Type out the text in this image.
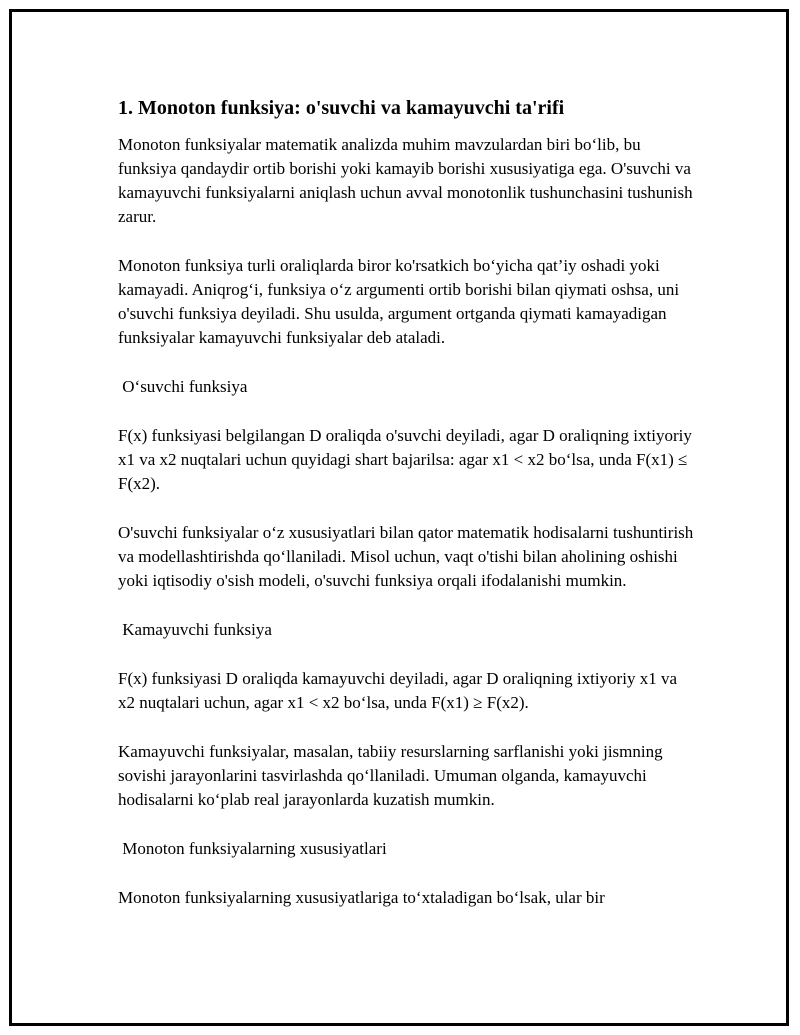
1. Monoton funksiya: o'suvchi va kamayuvchi ta'rifi

Monoton funksiyalar matematik analizda muhim mavzulardan biri bo‘lib, bu funksiya qandaydir ortib borishi yoki kamayib borishi xususiyatiga ega. O'suvchi va kamayuvchi funksiyalarni aniqlash uchun avval monotonlik tushunchasini tushunish zarur.

Monoton funksiya turli oraliqlarda biror ko'rsatkich bo‘yicha qat’iy oshadi yoki kamayadi. Aniqrog‘i, funksiya o‘z argumenti ortib borishi bilan qiymati oshsa, uni o'suvchi funksiya deyiladi. Shu usulda, argument ortganda qiymati kamayadigan funksiyalar kamayuvchi funksiyalar deb ataladi.

O‘suvchi funksiya

F(x) funksiyasi belgilangan D oraliqda o'suvchi deyiladi, agar D oraliqning ixtiyoriy x1 va x2 nuqtalari uchun quyidagi shart bajarilsa: agar x1 < x2 bo‘lsa, unda F(x1) ≤ F(x2).

O'suvchi funksiyalar o‘z xususiyatlari bilan qator matematik hodisalarni tushuntirish va modellashtirishda qo‘llaniladi. Misol uchun, vaqt o'tishi bilan aholining oshishi yoki iqtisodiy o'sish modeli, o'suvchi funksiya orqali ifodalanishi mumkin.

Kamayuvchi funksiya

F(x) funksiyasi D oraliqda kamayuvchi deyiladi, agar D oraliqning ixtiyoriy x1 va x2 nuqtalari uchun, agar x1 < x2 bo‘lsa, unda F(x1) ≥ F(x2).

Kamayuvchi funksiyalar, masalan, tabiiy resurslarning sarflanishi yoki jismning sovishi jarayonlarini tasvirlashda qo‘llaniladi. Umuman olganda, kamayuvchi hodisalarni ko‘plab real jarayonlarda kuzatish mumkin.

Monoton funksiyalarning xususiyatlari

Monoton funksiyalarning xususiyatlariga to‘xtaladigan bo‘lsak, ular bir
